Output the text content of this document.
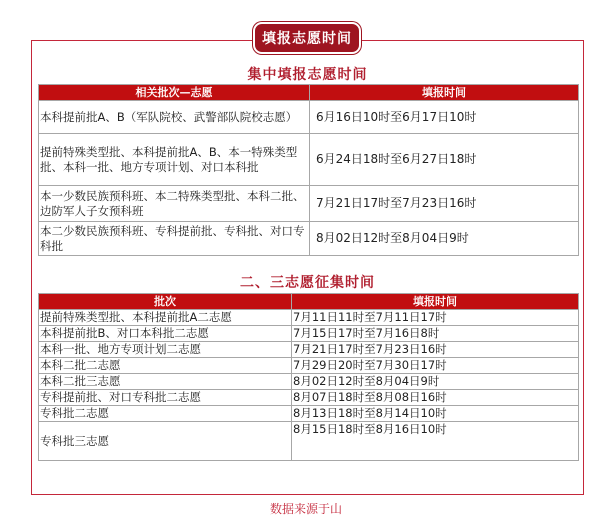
填报志愿时间
集中填报志愿时间
相关批次—志愿	填报时间
本科提前批A、B（军队院校、武警部队院校志愿）	6月16日10时至6月17日10时
提前特殊类型批、本科提前批A、B、本一特殊类型批、本科一批、地方专项计划、对口本科批	6月24日18时至6月27日18时
本一少数民族预科班、本二特殊类型批、本科二批、边防军人子女预科班	7月21日17时至7月23日16时
本二少数民族预科班、专科提前批、专科批、对口专科批	8月02日12时至8月04日9时
二、三志愿征集时间
批次	填报时间
提前特殊类型批、本科提前批A二志愿	7月11日11时至7月11日17时
本科提前批B、对口本科批二志愿	7月15日17时至7月16日8时
本科一批、地方专项计划二志愿	7月21日17时至7月23日16时
本科二批二志愿	7月29日20时至7月30日17时
本科二批三志愿	8月02日12时至8月04日9时
专科提前批、对口专科批二志愿	8月07日18时至8月08日16时
专科批二志愿	8月13日18时至8月14日10时
专科批三志愿	8月15日18时至8月16日10时
数据来源于山
